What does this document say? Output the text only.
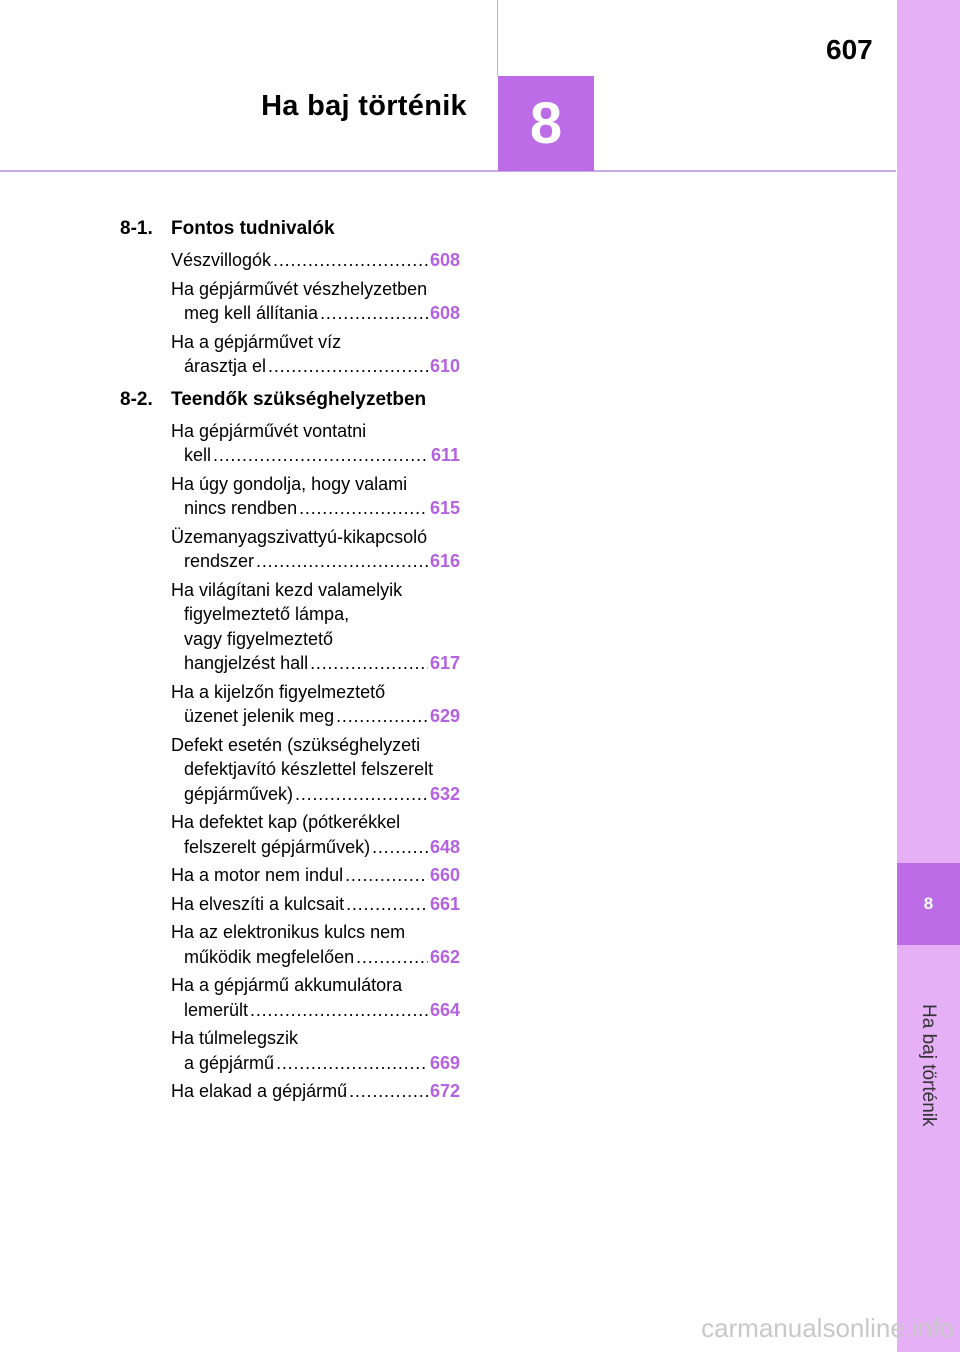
Ha baj történik	8
607
8
Ha baj történik
8-1. Fontos tudnivalók
Vészvillogók .....	608
Ha gépjárművét vészhelyzetben
meg kell állítania .....	608
Ha a gépjárművet víz
árasztja el .....	610
8-2. Teendők szükséghelyzetben
Ha gépjárművét vontatni
kell .....	611
Ha úgy gondolja, hogy valami
nincs rendben .....	615
Üzemanyagszivattyú-kikapcsoló
rendszer .....	616
Ha világítani kezd valamelyik
figyelmeztető lámpa,
vagy figyelmeztető
hangjelzést hall .....	617
Ha a kijelzőn figyelmeztető
üzenet jelenik meg .....	629
Defekt esetén (szükséghelyzeti
defektjavító készlettel felszerelt
gépjárművek) .....	632
Ha defektet kap (pótkerékkel
felszerelt gépjárművek) .....	648
Ha a motor nem indul .....	660
Ha elveszíti a kulcsait .....	661
Ha az elektronikus kulcs nem
működik megfelelően .....	662
Ha a gépjármű akkumulátora
lemerült .....	664
Ha túlmelegszik
a gépjármű .....	669
Ha elakad a gépjármű .....	672
carmanualsonline.info
